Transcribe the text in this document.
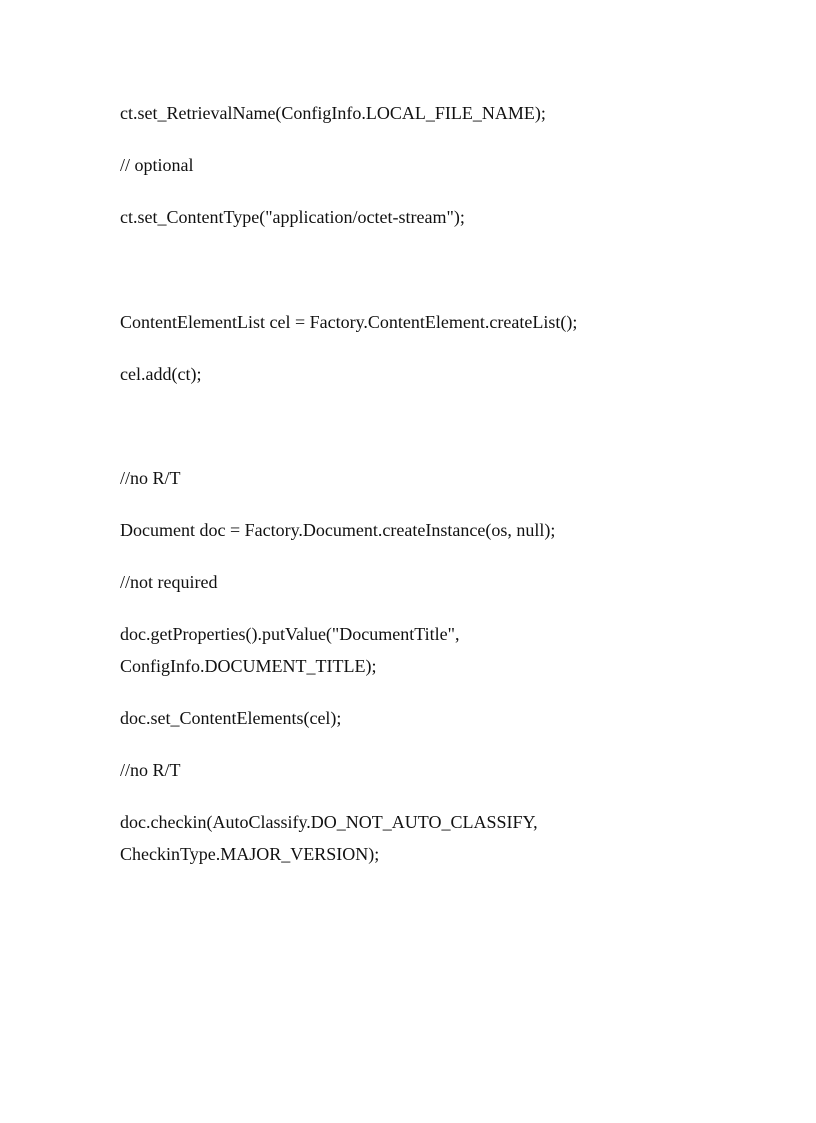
ct.set_RetrievalName(ConfigInfo.LOCAL_FILE_NAME);

// optional

ct.set_ContentType("application/octet-stream");

ContentElementList cel = Factory.ContentElement.createList();

cel.add(ct);

//no R/T

Document doc = Factory.Document.createInstance(os, null);

//not required

doc.getProperties().putValue("DocumentTitle",

ConfigInfo.DOCUMENT_TITLE);

doc.set_ContentElements(cel);

//no R/T

doc.checkin(AutoClassify.DO_NOT_AUTO_CLASSIFY,

CheckinType.MAJOR_VERSION);
